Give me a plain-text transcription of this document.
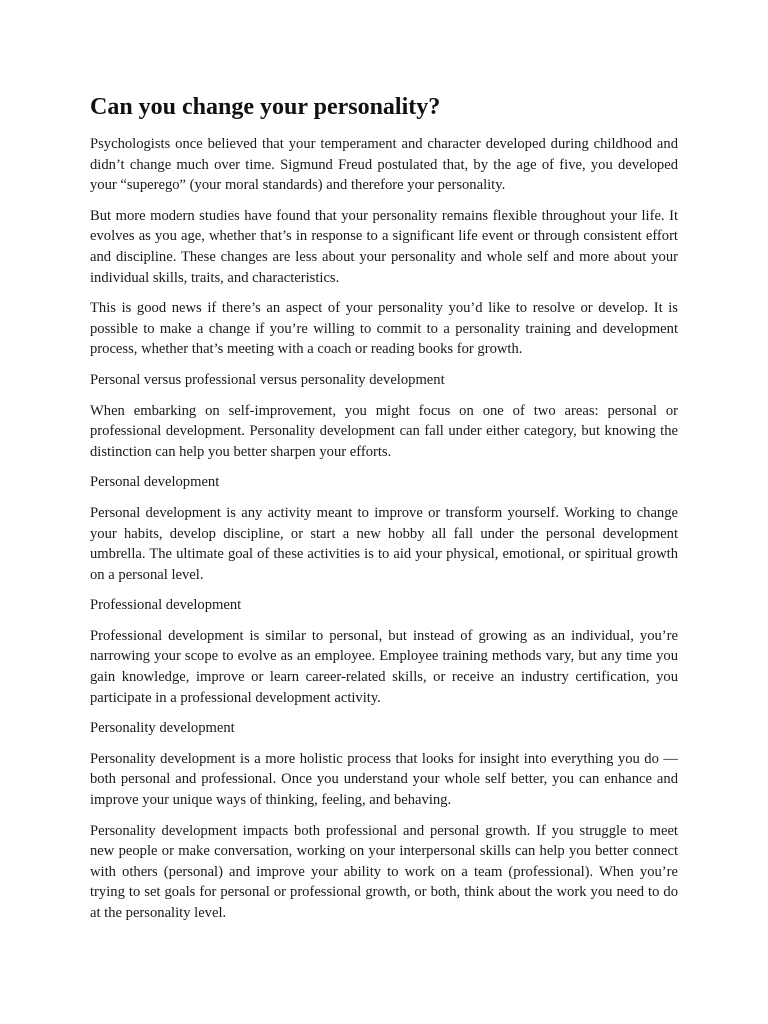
Can you change your personality?

Psychologists once believed that your temperament and character developed during childhood and didn’t change much over time. Sigmund Freud postulated that, by the age of five, you developed your “superego” (your moral standards) and therefore your personality.

But more modern studies have found that your personality remains flexible throughout your life. It evolves as you age, whether that’s in response to a significant life event or through consistent effort and discipline. These changes are less about your personality and whole self and more about your individual skills, traits, and characteristics.

This is good news if there’s an aspect of your personality you’d like to resolve or develop. It is possible to make a change if you’re willing to commit to a personality training and development process, whether that’s meeting with a coach or reading books for growth.

Personal versus professional versus personality development

When embarking on self-improvement, you might focus on one of two areas: personal or professional development. Personality development can fall under either category, but knowing the distinction can help you better sharpen your efforts.

Personal development

Personal development is any activity meant to improve or transform yourself. Working to change your habits, develop discipline, or start a new hobby all fall under the personal development umbrella. The ultimate goal of these activities is to aid your physical, emotional, or spiritual growth on a personal level.

Professional development

Professional development is similar to personal, but instead of growing as an individual, you’re narrowing your scope to evolve as an employee. Employee training methods vary, but any time you gain knowledge, improve or learn career-related skills, or receive an industry certification, you participate in a professional development activity.

Personality development

Personality development is a more holistic process that looks for insight into everything you do — both personal and professional. Once you understand your whole self better, you can enhance and improve your unique ways of thinking, feeling, and behaving.

Personality development impacts both professional and personal growth. If you struggle to meet new people or make conversation, working on your interpersonal skills can help you better connect with others (personal) and improve your ability to work on a team (professional). When you’re trying to set goals for personal or professional growth, or both, think about the work you need to do at the personality level.
